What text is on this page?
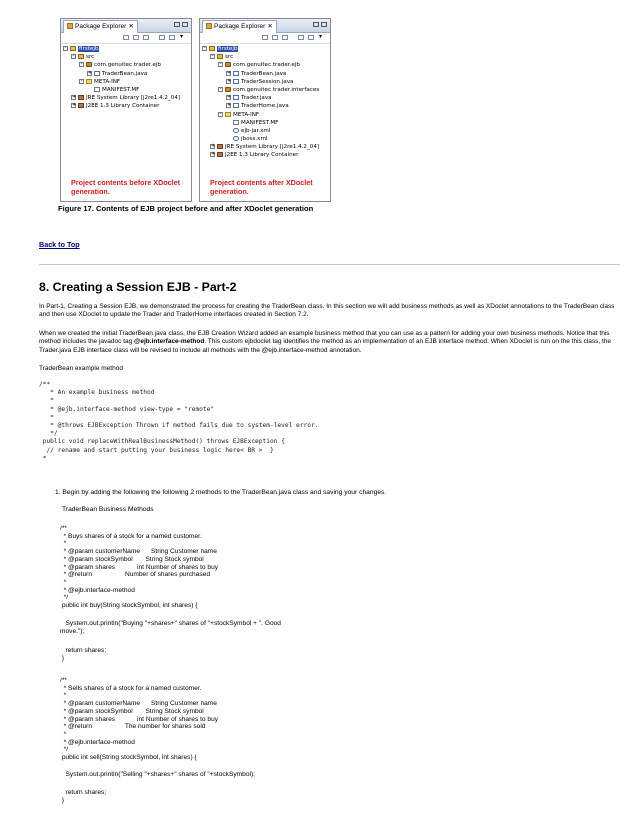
Package Explorer ✕
▾
- firstejb
- src
- com.genuitec.trader.ejb
+ TraderBean.java
- META-INF
MANIFEST.MF
+ JRE System Library [j2re1.4.2_04]
+ J2EE 1.3 Library Container
Project contents before XDoclet generation.
Package Explorer ✕
▾
- firstejb
- src
- com.genuitec.trader.ejb
+ TraderBean.java
+ TraderSession.java
- com.genuitec.trader.interfaces
+ Trader.java
+ TraderHome.java
- META-INF
MANIFEST.MF
ejb-jar.xml
jboss.xml
+ JRE System Library [j2re1.4.2_04]
+ J2EE 1.3 Library Container
Project contents after XDoclet generation.
Figure 17. Contents of EJB project before and after XDoclet generation
Back to Top
8. Creating a Session EJB - Part-2
In Part-1, Creating a Session EJB, we demonstrated the process for creating the TraderBean class. In this section we will add business methods as well as XDoclet annotations to the TraderBean class and then use XDoclet to update the Trader and TraderHome interfaces created in Section 7.2.
When we created the initial TraderBean.java class, the EJB Creation Wizard added an example business method that you can use as a pattern for adding your own business methods. Notice that this method includes the javadoc tag @ejb.interface-method. This custom ejbdoclet tag identifies the method as an implementation of an EJB interface method. When XDoclet is run on the this class, the Trader.java EJB interface class will be revised to include all methods with the @ejb.interface-method annotation.
TraderBean example method
/**
* An example business method
*
* @ejb.interface-method view-type = "remote"
*
* @throws EJBException Thrown if method fails due to system-level error.
*/
public void replaceWithRealBusinessMethod() throws EJBException {
// rename and start putting your business logic here< BR >  }
*
1. Begin by adding the following the following 2 methods to the TraderBean.java class and saving your changes.
TraderBean Business Methods
/**
* Buys shares of a stock for a named customer.
*
* @param customerName      String Customer name
* @param stockSymbol       String Stock symbol
* @param shares            int Number of shares to buy
* @return                  Number of shares purchased
*
* @ejb.interface-method
*/
public int buy(String stockSymbol, int shares) {
System.out.println("Buying "+shares+" shares of "+stockSymbol + ". Good
move.");
return shares;
}
/**
* Sells shares of a stock for a named customer.
*
* @param customerName      String Customer name
* @param stockSymbol       String Stock symbol
* @param shares            int Number of shares to buy
* @return                  The number for shares sold
*
* @ejb.interface-method
*/
public int sell(String stockSymbol, int shares) {
System.out.println("Selling "+shares+" shares of "+stockSymbol);
return shares;
}
